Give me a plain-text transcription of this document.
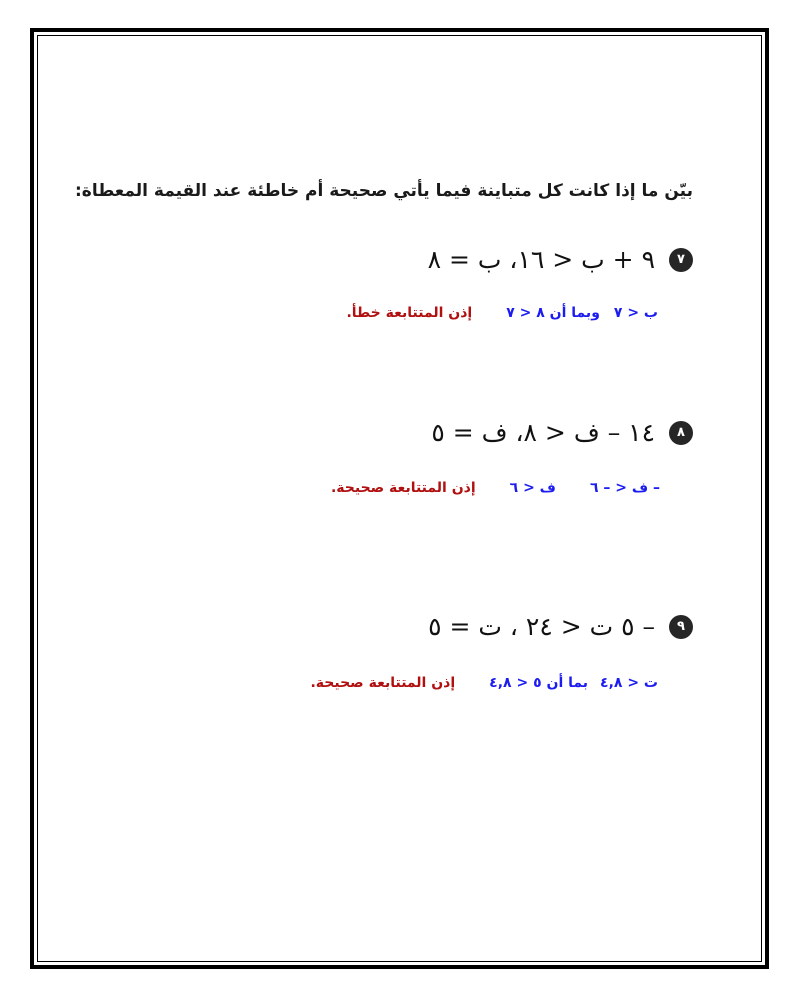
بيّن ما إذا كانت كل متباينة فيما يأتي صحيحة أم خاطئة عند القيمة المعطاة:
٧
٩ + ب < ١٦، ب = ٨
ب < ٧
وبما أن ٨ < ٧
إذن المتتابعة خطأ.
٨
١٤ – ف < ٨، ف = ٥
– ف < – ٦
ف < ٦
إذن المتتابعة صحيحة.
٩
– ٥ ت < ٢٤ ، ت = ٥
ت < ٤,٨
بما أن ٥ < ٤,٨
إذن المتتابعة صحيحة.
